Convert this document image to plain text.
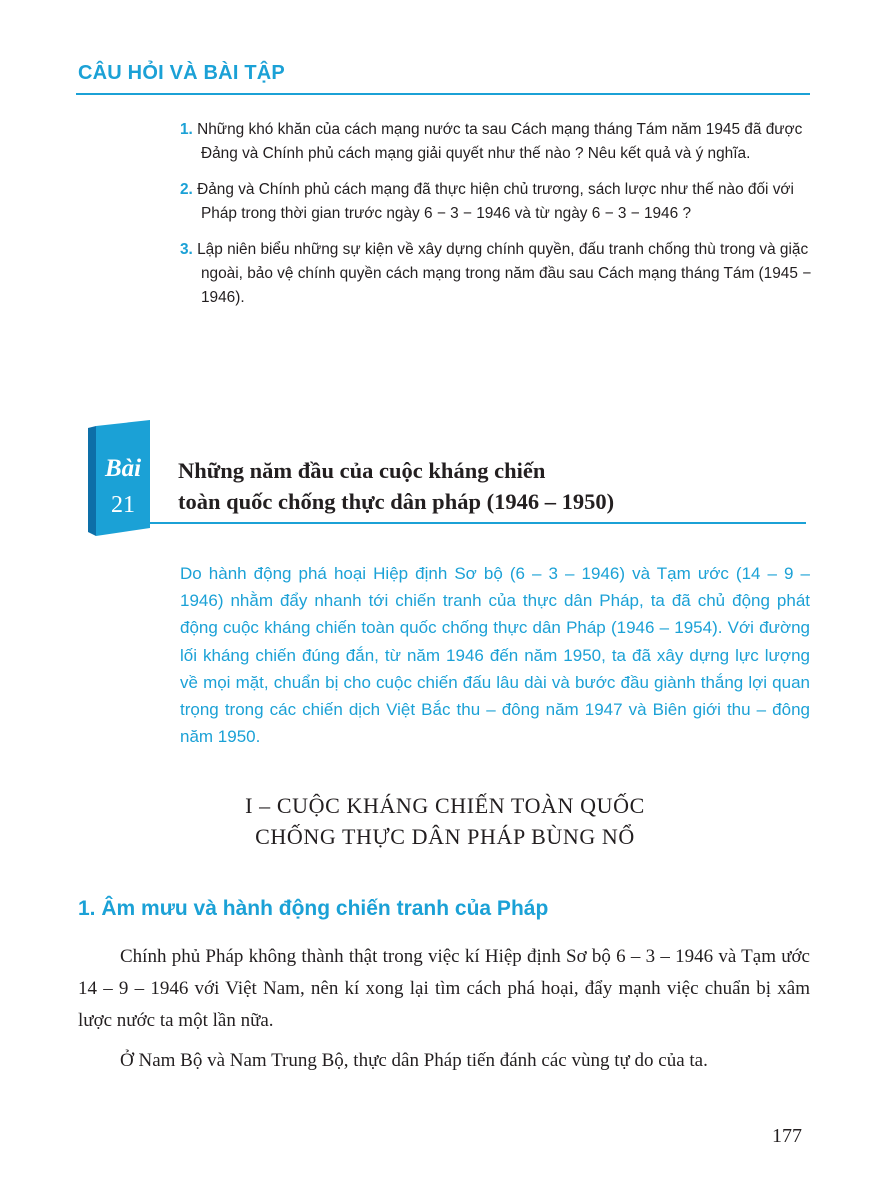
CÂU HỎI VÀ BÀI TẬP

1. Những khó khăn của cách mạng nước ta sau Cách mạng tháng Tám năm 1945 đã được Đảng và Chính phủ cách mạng giải quyết như thế nào ? Nêu kết quả và ý nghĩa.

2. Đảng và Chính phủ cách mạng đã thực hiện chủ trương, sách lược như thế nào đối với Pháp trong thời gian trước ngày 6 − 3 − 1946 và từ ngày 6 − 3 − 1946 ?

3. Lập niên biểu những sự kiện về xây dựng chính quyền, đấu tranh chống thù trong và giặc ngoài, bảo vệ chính quyền cách mạng trong năm đầu sau Cách mạng tháng Tám (1945 − 1946).

Bài
21
Những năm đầu của cuộc kháng chiến
toàn quốc chống thực dân pháp (1946 – 1950)
Do hành động phá hoại Hiệp định Sơ bộ (6 – 3 – 1946) và Tạm ước (14 – 9 – 1946) nhằm đẩy nhanh tới chiến tranh của thực dân Pháp, ta đã chủ động phát động cuộc kháng chiến toàn quốc chống thực dân Pháp (1946 – 1954). Với đường lối kháng chiến đúng đắn, từ năm 1946 đến năm 1950, ta đã xây dựng lực lượng về mọi mặt, chuẩn bị cho cuộc chiến đấu lâu dài và bước đầu giành thắng lợi quan trọng trong các chiến dịch Việt Bắc thu – đông năm 1947 và Biên giới thu – đông năm 1950.
I – CUỘC KHÁNG CHIẾN TOÀN QUỐC
CHỐNG THỰC DÂN PHÁP BÙNG NỔ
1. Âm mưu và hành động chiến tranh của Pháp

Chính phủ Pháp không thành thật trong việc kí Hiệp định Sơ bộ 6 – 3 – 1946 và Tạm ước 14 – 9 – 1946 với Việt Nam, nên kí xong lại tìm cách phá hoại, đẩy mạnh việc chuẩn bị xâm lược nước ta một lần nữa.

Ở Nam Bộ và Nam Trung Bộ, thực dân Pháp tiến đánh các vùng tự do của ta.

177
